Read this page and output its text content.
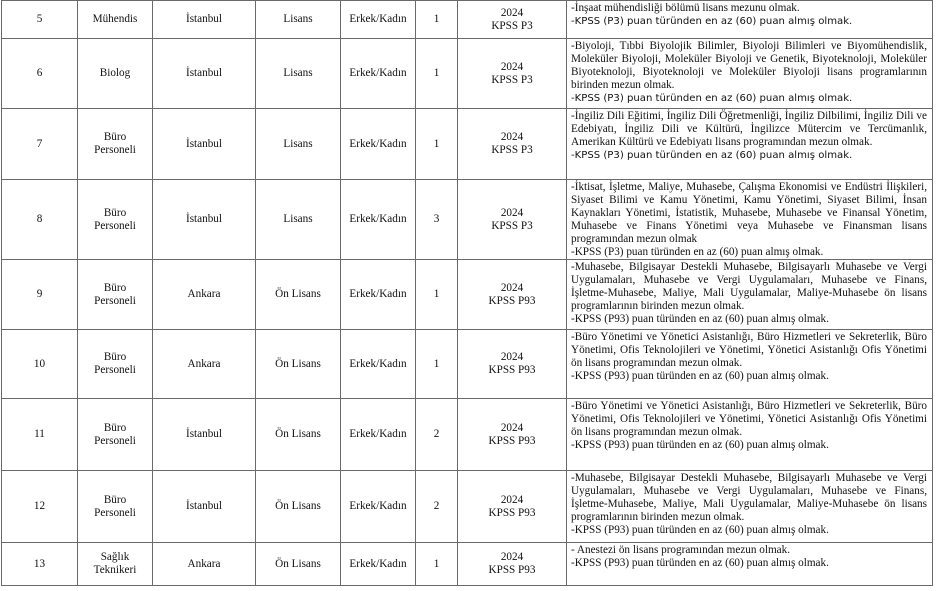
5	Mühendis	İstanbul	Lisans	Erkek/Kadın	1	2024
KPSS P3	-İnşaat mühendisliği bölümü lisans mezunu olmak.
-KPSS (P3) puan türünden en az (60) puan almış olmak.

6	Biolog	İstanbul	Lisans	Erkek/Kadın	1	2024
KPSS P3	-Biyoloji, Tıbbi Biyolojik Bilimler, Biyoloji Bilimleri ve Biyomühendislik, Moleküler Biyoloji, Moleküler Biyoloji ve Genetik, Biyoteknoloji, Moleküler Biyoteknoloji, Biyoteknoloji ve Moleküler Biyoloji lisans programlarının birinden mezun olmak.
-KPSS (P3) puan türünden en az (60) puan almış olmak.

7	Büro Personeli	İstanbul	Lisans	Erkek/Kadın	1	2024
KPSS P3	-İngiliz Dili Eğitimi, İngiliz Dili Öğretmenliği, İngiliz Dilbilimi, İngiliz Dili ve Edebiyatı, İngiliz Dili ve Kültürü, İngilizce Mütercim ve Tercümanlık, Amerikan Kültürü ve Edebiyatı lisans programından mezun olmak.
-KPSS (P3) puan türünden en az (60) puan almış olmak.

8	Büro Personeli	İstanbul	Lisans	Erkek/Kadın	3	2024
KPSS P3	-İktisat, İşletme, Maliye, Muhasebe, Çalışma Ekonomisi ve Endüstri İlişkileri, Siyaset Bilimi ve Kamu Yönetimi, Kamu Yönetimi, Siyaset Bilimi, İnsan Kaynakları Yönetimi, İstatistik, Muhasebe, Muhasebe ve Finansal Yönetim, Muhasebe ve Finans Yönetimi veya Muhasebe ve Finansman lisans programından mezun olmak
-KPSS (P3) puan türünden en az (60) puan almış olmak.

9	Büro Personeli	Ankara	Ön Lisans	Erkek/Kadın	1	2024
KPSS P93	-Muhasebe, Bilgisayar Destekli Muhasebe, Bilgisayarlı Muhasebe ve Vergi Uygulamaları, Muhasebe ve Vergi Uygulamaları, Muhasebe ve Finans, İşletme-Muhasebe, Maliye, Mali Uygulamalar, Maliye-Muhasebe ön lisans programlarının birinden mezun olmak.
-KPSS (P93) puan türünden en az (60) puan almış olmak.

10	Büro Personeli	Ankara	Ön Lisans	Erkek/Kadın	1	2024
KPSS P93	-Büro Yönetimi ve Yönetici Asistanlığı, Büro Hizmetleri ve Sekreterlik, Büro Yönetimi, Ofis Teknolojileri ve Yönetimi, Yönetici Asistanlığı Ofis Yönetimi ön lisans programından mezun olmak.
-KPSS (P93) puan türünden en az (60) puan almış olmak.

11	Büro Personeli	İstanbul	Ön Lisans	Erkek/Kadın	2	2024
KPSS P93	-Büro Yönetimi ve Yönetici Asistanlığı, Büro Hizmetleri ve Sekreterlik, Büro Yönetimi, Ofis Teknolojileri ve Yönetimi, Yönetici Asistanlığı Ofis Yönetimi ön lisans programından mezun olmak.
-KPSS (P93) puan türünden en az (60) puan almış olmak.

12	Büro Personeli	İstanbul	Ön Lisans	Erkek/Kadın	2	2024
KPSS P93	-Muhasebe, Bilgisayar Destekli Muhasebe, Bilgisayarlı Muhasebe ve Vergi Uygulamaları, Muhasebe ve Vergi Uygulamaları, Muhasebe ve Finans, İşletme-Muhasebe, Maliye, Mali Uygulamalar, Maliye-Muhasebe ön lisans programlarının birinden mezun olmak.
-KPSS (P93) puan türünden en az (60) puan almış olmak.

13	Sağlık Teknikeri	Ankara	Ön Lisans	Erkek/Kadın	1	2024
KPSS P93	- Anestezi ön lisans programından mezun olmak.
-KPSS (P93) puan türünden en az (60) puan almış olmak.
